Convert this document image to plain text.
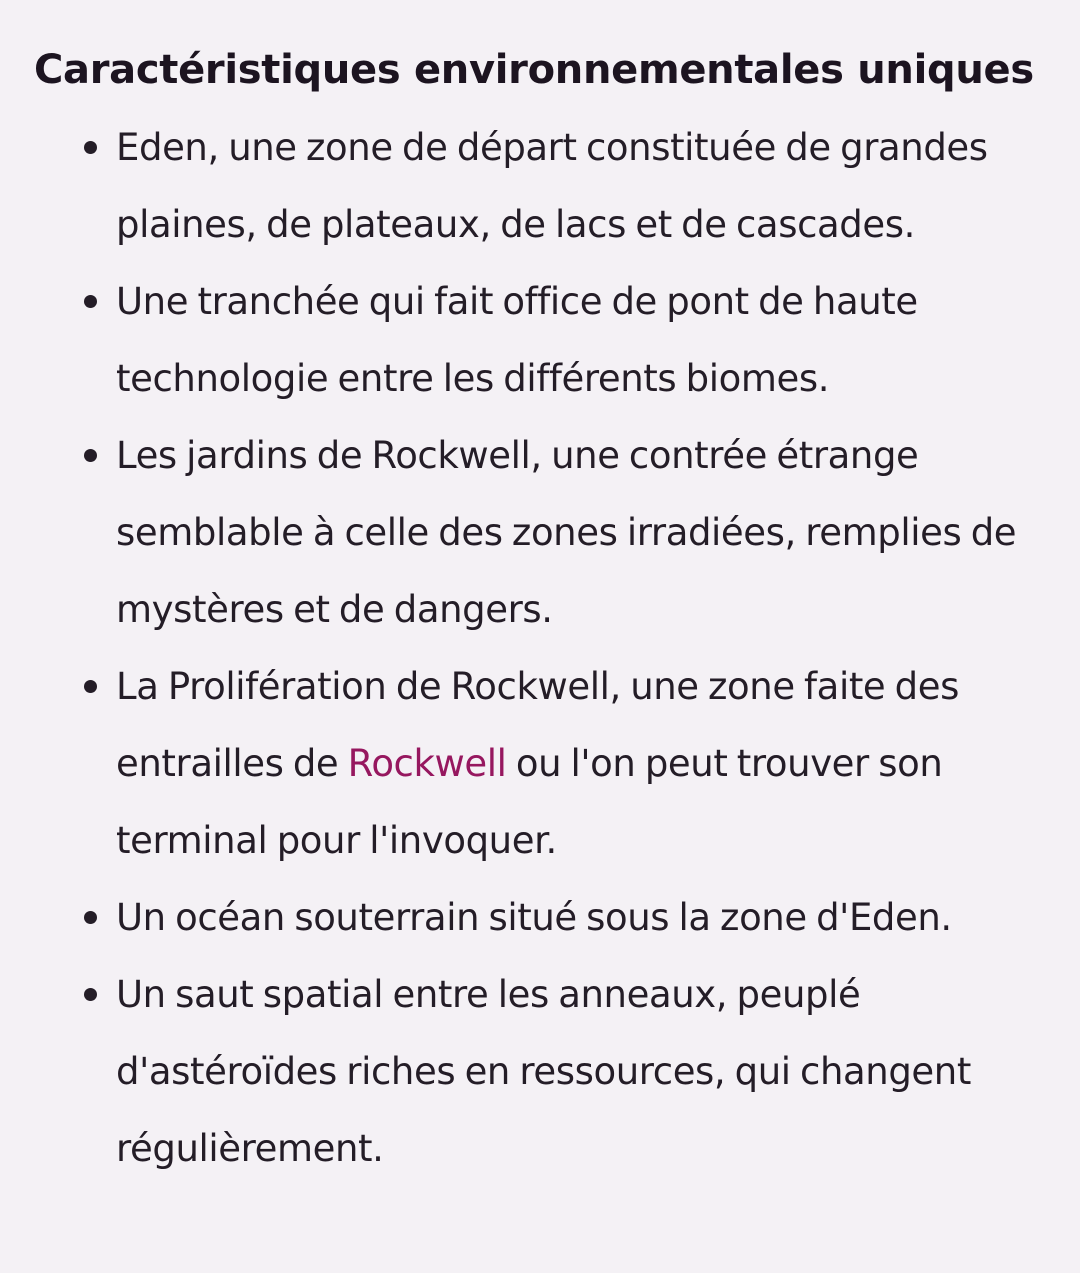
Caractéristiques environnementales uniques
Eden, une zone de départ constituée de grandes plaines, de plateaux, de lacs et de cascades.
Une tranchée qui fait office de pont de haute technologie entre les différents biomes.
Les jardins de Rockwell, une contrée étrange semblable à celle des zones irradiées, remplies de mystères et de dangers.
La Prolifération de Rockwell, une zone faite des entrailles de Rockwell ou l'on peut trouver son terminal pour l'invoquer.
Un océan souterrain situé sous la zone d'Eden.
Un saut spatial entre les anneaux, peuplé d'astéroïdes riches en ressources, qui changent régulièrement.
